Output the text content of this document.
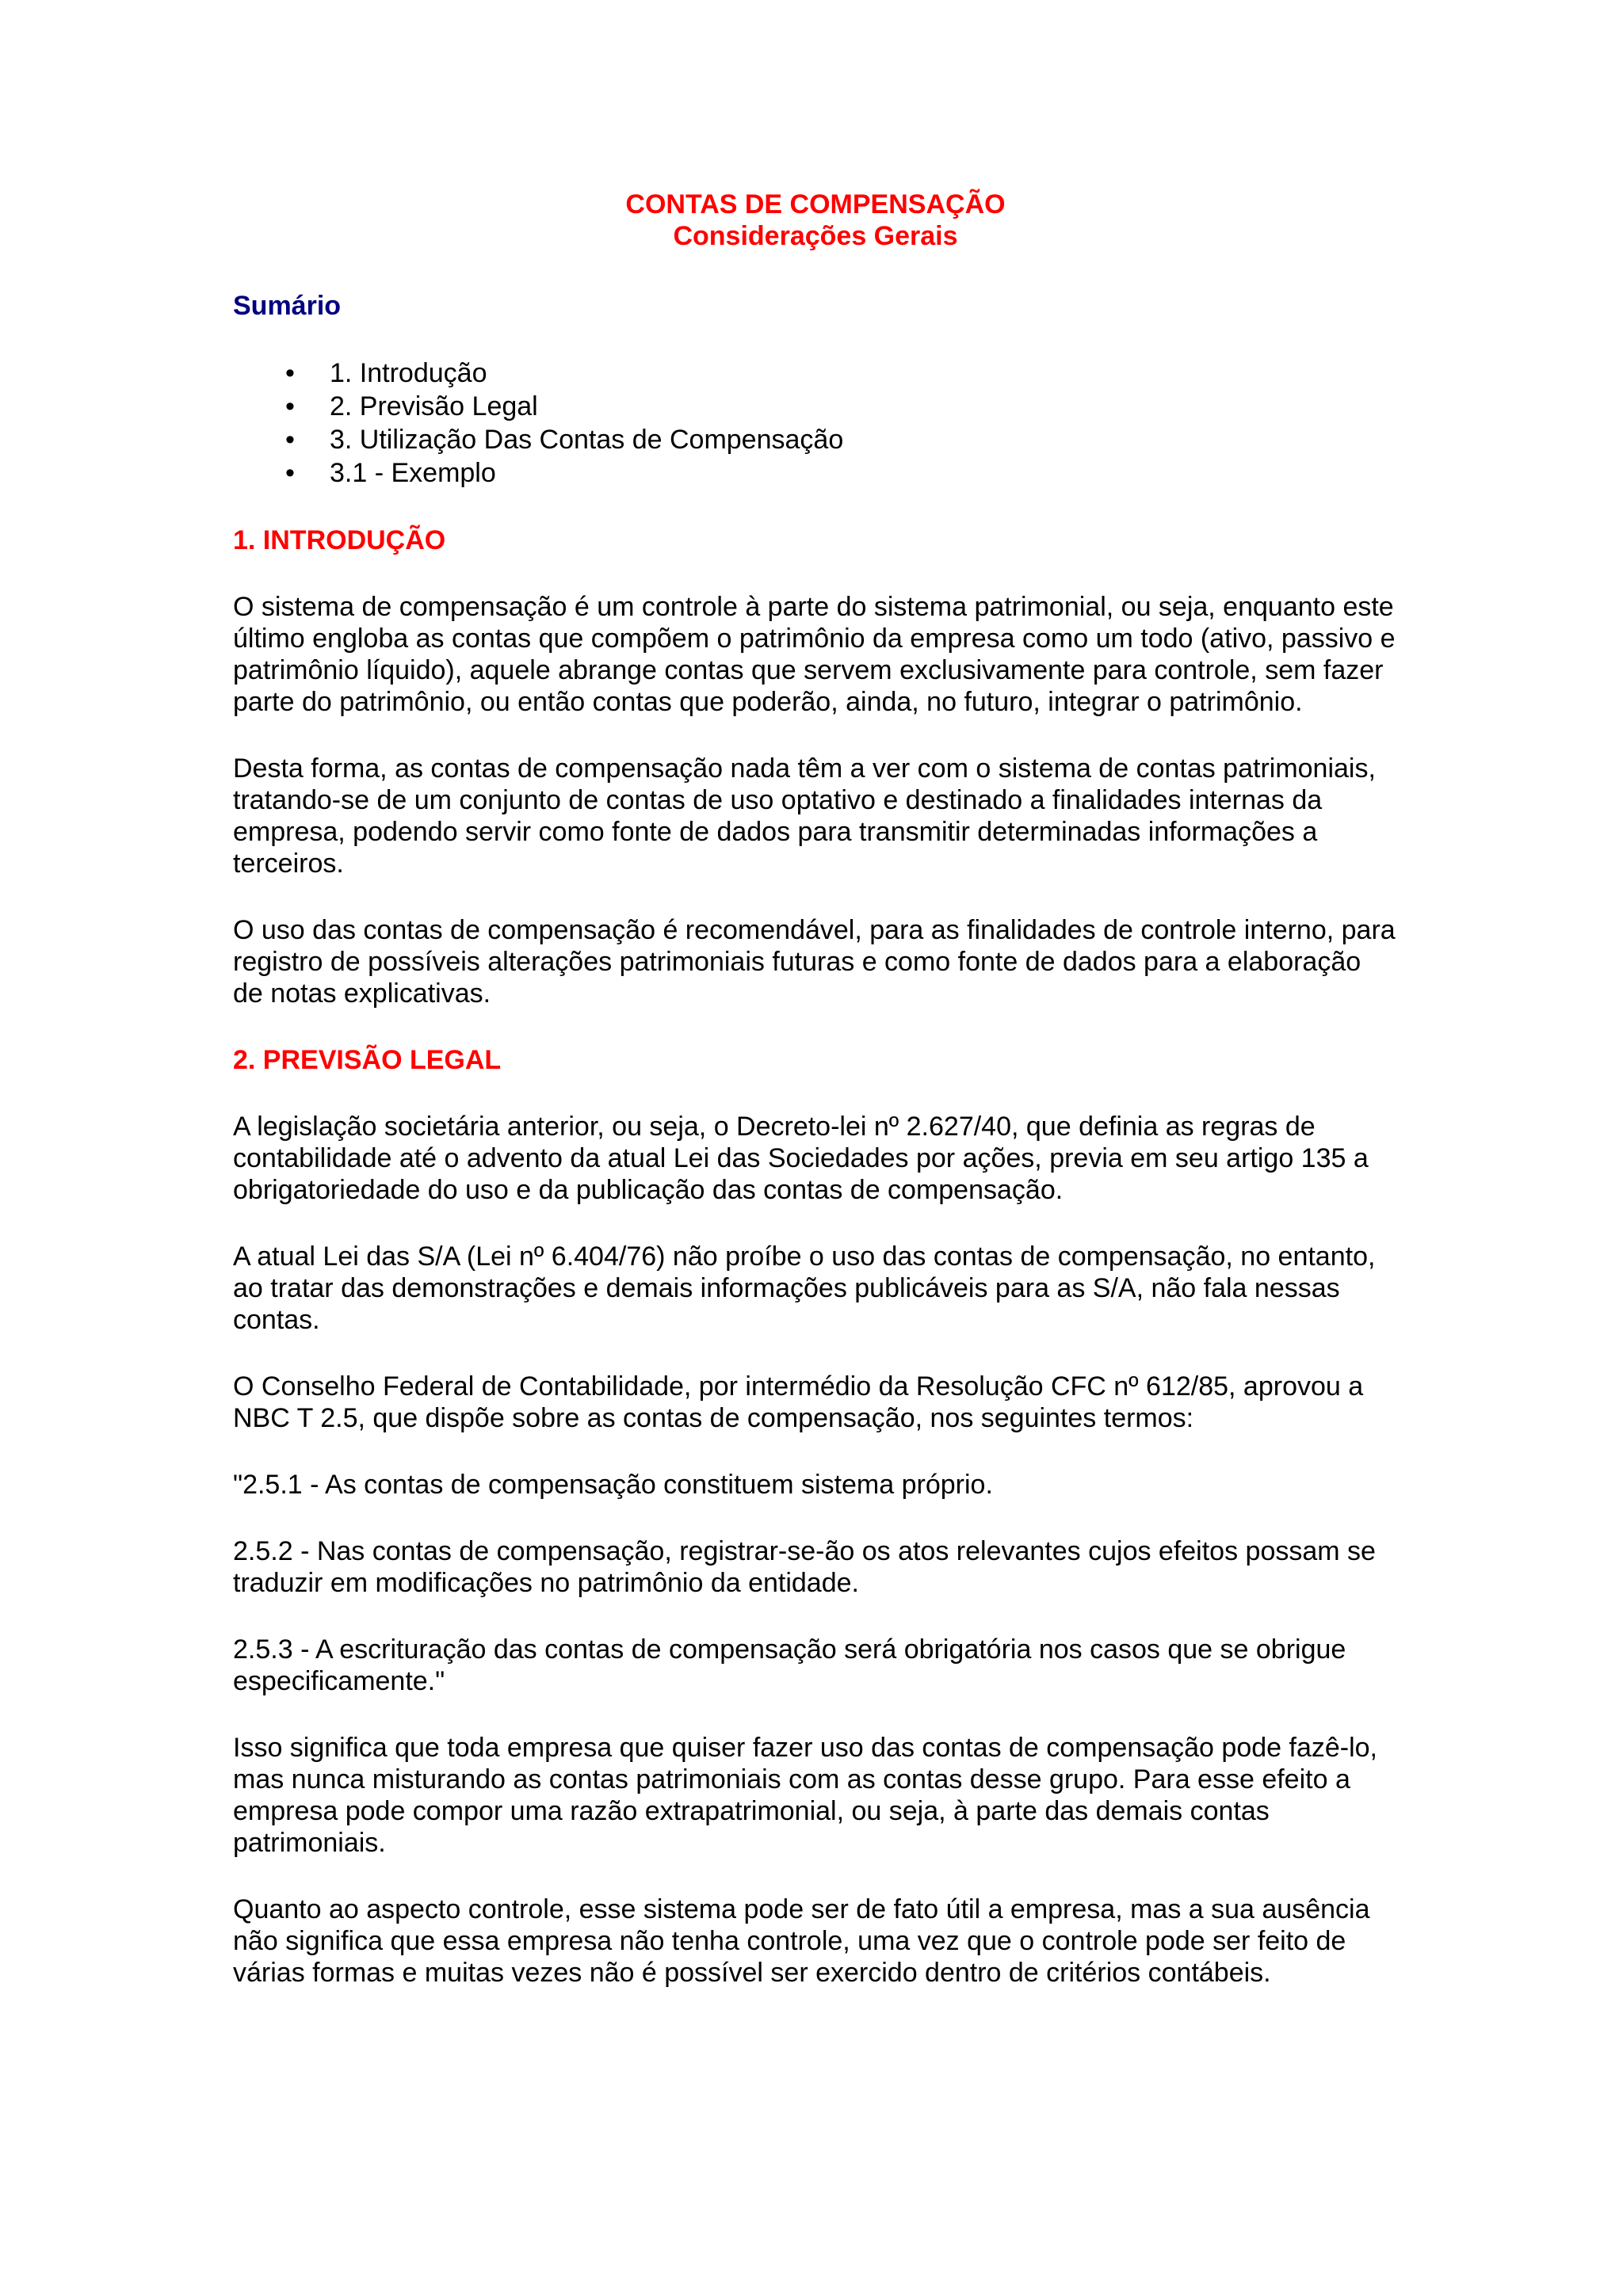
CONTAS DE COMPENSAÇÃO
Considerações Gerais
Sumário
•	1. Introdução
•	2. Previsão Legal
•	3. Utilização Das Contas de Compensação
•	3.1 - Exemplo
1. INTRODUÇÃO

O sistema de compensação é um controle à parte do sistema patrimonial, ou seja, enquanto este último engloba as contas que compõem o patrimônio da empresa como um todo (ativo, passivo e patrimônio líquido), aquele abrange contas que servem exclusivamente para controle, sem fazer parte do patrimônio, ou então contas que poderão, ainda, no futuro, integrar o patrimônio.

Desta forma, as contas de compensação nada têm a ver com o sistema de contas patrimoniais, tratando-se de um conjunto de contas de uso optativo e destinado a finalidades internas da empresa, podendo servir como fonte de dados para transmitir determinadas informações a terceiros.

O uso das contas de compensação é recomendável, para as finalidades de controle interno, para registro de possíveis alterações patrimoniais futuras e como fonte de dados para a elaboração de notas explicativas.

2. PREVISÃO LEGAL

A legislação societária anterior, ou seja, o Decreto-lei nº 2.627/40, que definia as regras de contabilidade até o advento da atual Lei das Sociedades por ações, previa em seu artigo 135 a obrigatoriedade do uso e da publicação das contas de compensação.

A atual Lei das S/A (Lei nº 6.404/76) não proíbe o uso das contas de compensação, no entanto, ao tratar das demonstrações e demais informações publicáveis para as S/A, não fala nessas contas.

O Conselho Federal de Contabilidade, por intermédio da Resolução CFC nº 612/85, aprovou a NBC T 2.5, que dispõe sobre as contas de compensação, nos seguintes termos:

"2.5.1 - As contas de compensação constituem sistema próprio.

2.5.2 - Nas contas de compensação, registrar-se-ão os atos relevantes cujos efeitos possam se traduzir em modificações no patrimônio da entidade.

2.5.3 - A escrituração das contas de compensação será obrigatória nos casos que se obrigue especificamente."

Isso significa que toda empresa que quiser fazer uso das contas de compensação pode fazê-lo, mas nunca misturando as contas patrimoniais com as contas desse grupo. Para esse efeito a empresa pode compor uma razão extrapatrimonial, ou seja, à parte das demais contas patrimoniais.

Quanto ao aspecto controle, esse sistema pode ser de fato útil a empresa, mas a sua ausência não significa que essa empresa não tenha controle, uma vez que o controle pode ser feito de várias formas e muitas vezes não é possível ser exercido dentro de critérios contábeis.
